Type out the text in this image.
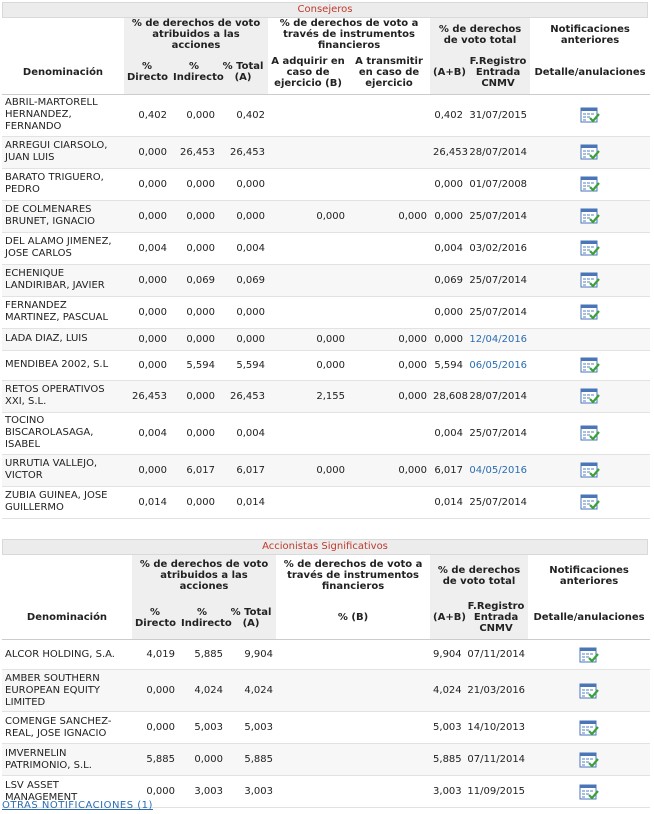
Consejeros
	% de derechos de voto atribuidos a las acciones			% de derechos de voto a través de instrumentos financieros		% de derechos de voto total		Notificaciones anteriores
Denominación	% Directo	% Indirecto	% Total (A)	A adquirir en caso de ejercicio (B)	A transmitir en caso de ejercicio	(A+B)	F.Registro Entrada CNMV	Detalle/anulaciones
ABRIL-MARTORELL HERNANDEZ, FERNANDO	0,402	0,000	0,402			0,402	31/07/2015	
ARREGUI CIARSOLO, JUAN LUIS	0,000	26,453	26,453			26,453	28/07/2014	
BARATO TRIGUERO, PEDRO	0,000	0,000	0,000			0,000	01/07/2008	
DE COLMENARES BRUNET, IGNACIO	0,000	0,000	0,000	0,000	0,000	0,000	25/07/2014	
DEL ALAMO JIMENEZ, JOSE CARLOS	0,004	0,000	0,004			0,004	03/02/2016	
ECHENIQUE LANDIRIBAR, JAVIER	0,000	0,069	0,069			0,069	25/07/2014	
FERNANDEZ MARTINEZ, PASCUAL	0,000	0,000	0,000			0,000	25/07/2014	
LADA DIAZ, LUIS	0,000	0,000	0,000	0,000	0,000	0,000	12/04/2016	
MENDIBEA 2002, S.L	0,000	5,594	5,594	0,000	0,000	5,594	06/05/2016	
RETOS OPERATIVOS XXI, S.L.	26,453	0,000	26,453	2,155	0,000	28,608	28/07/2014	
TOCINO BISCAROLASAGA, ISABEL	0,004	0,000	0,004			0,004	25/07/2014	
URRUTIA VALLEJO, VICTOR	0,000	6,017	6,017	0,000	0,000	6,017	04/05/2016	
ZUBIA GUINEA, JOSE GUILLERMO	0,014	0,000	0,014			0,014	25/07/2014	
Accionistas Significativos
	% de derechos de voto atribuidos a las acciones			% de derechos de voto a través de instrumentos financieros	% de derechos de voto total		Notificaciones anteriores
Denominación	% Directo	% Indirecto	% Total (A)	% (B)	(A+B)	F.Registro Entrada CNMV	Detalle/anulaciones
ALCOR HOLDING, S.A.	4,019	5,885	9,904		9,904	07/11/2014	
AMBER SOUTHERN EUROPEAN EQUITY LIMITED	0,000	4,024	4,024		4,024	21/03/2016	
COMENGE SANCHEZ-REAL, JOSE IGNACIO	0,000	5,003	5,003		5,003	14/10/2013	
IMVERNELIN PATRIMONIO, S.L.	5,885	0,000	5,885		5,885	07/11/2014	
LSV ASSET MANAGEMENT	0,000	3,003	3,003		3,003	11/09/2015	
OTRAS NOTIFICACIONES (1)
